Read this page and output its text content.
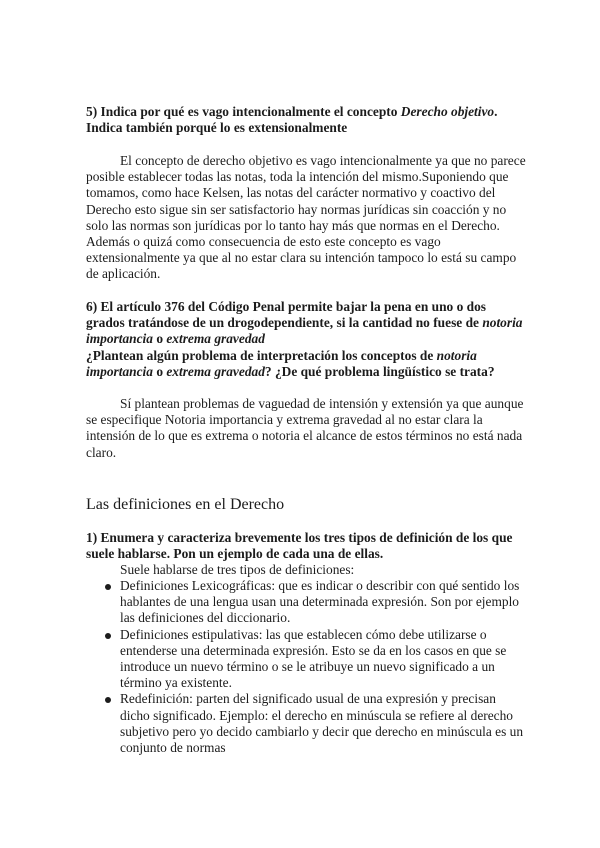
5) Indica por qué es vago intencionalmente el concepto Derecho objetivo. Indica también porqué lo es extensionalmente
El concepto de derecho objetivo es vago intencionalmente ya que no parece posible establecer todas las notas, toda la intención del mismo.Suponiendo que tomamos, como hace Kelsen, las notas del carácter normativo y coactivo del Derecho esto sigue sin ser satisfactorio hay normas jurídicas sin coacción y no solo las normas son jurídicas por lo tanto hay más que normas en el Derecho. Además o quizá como consecuencia de esto este concepto es vago extensionalmente ya que al no estar clara su intención tampoco lo está su campo de aplicación.
6) El artículo 376 del Código Penal permite bajar la pena en uno o dos grados tratándose de un drogodependiente, si la cantidad no fuese de notoria importancia o extrema gravedad
¿Plantean algún problema de interpretación los conceptos de notoria importancia o extrema gravedad? ¿De qué problema lingüístico se trata?
Sí plantean problemas de vaguedad de intensión y extensión ya que aunque se especifique Notoria importancia y extrema gravedad al no estar clara la intensión de lo que es extrema o notoria el alcance de estos términos no está nada claro.
Las definiciones en el Derecho
1) Enumera y caracteriza brevemente los tres tipos de definición de los que suele hablarse. Pon un ejemplo de cada una de ellas.
Suele hablarse de tres tipos de definiciones:
Definiciones Lexicográficas: que es indicar o describir con qué sentido los hablantes de una lengua usan una determinada expresión. Son por ejemplo las definiciones del diccionario.
Definiciones estipulativas: las que establecen cómo debe utilizarse o entenderse una determinada expresión. Esto se da en los casos en que se introduce un nuevo término o se le atribuye un nuevo significado a un término ya existente.
Redefinición: parten del significado usual de una expresión y precisan dicho significado. Ejemplo: el derecho en minúscula se refiere al derecho subjetivo pero yo decido cambiarlo y decir que derecho en minúscula es un conjunto de normas
